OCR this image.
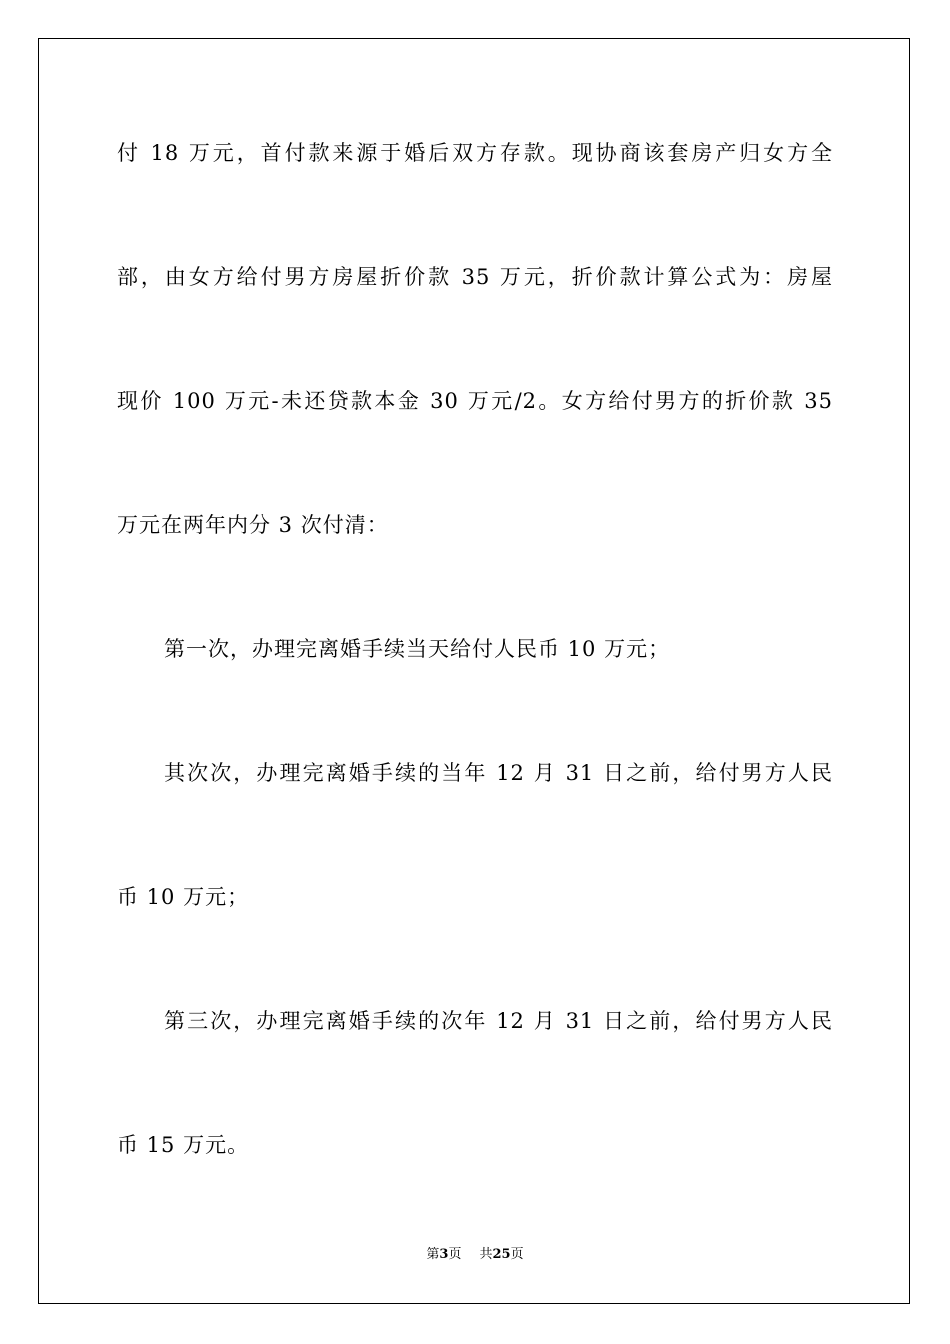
付 18 万元，首付款来源于婚后双方存款。现协商该套房产归女方全
部，由女方给付男方房屋折价款 35 万元，折价款计算公式为：房屋
现价 100 万元-未还贷款本金 30 万元/2。女方给付男方的折价款 35
万元在两年内分 3 次付清：
第一次，办理完离婚手续当天给付人民币 10 万元；
其次次，办理完离婚手续的当年 12 月 31 日之前，给付男方人民
币 10 万元；
第三次，办理完离婚手续的次年 12 月 31 日之前，给付男方人民
币 15 万元。
第3页 共25页
